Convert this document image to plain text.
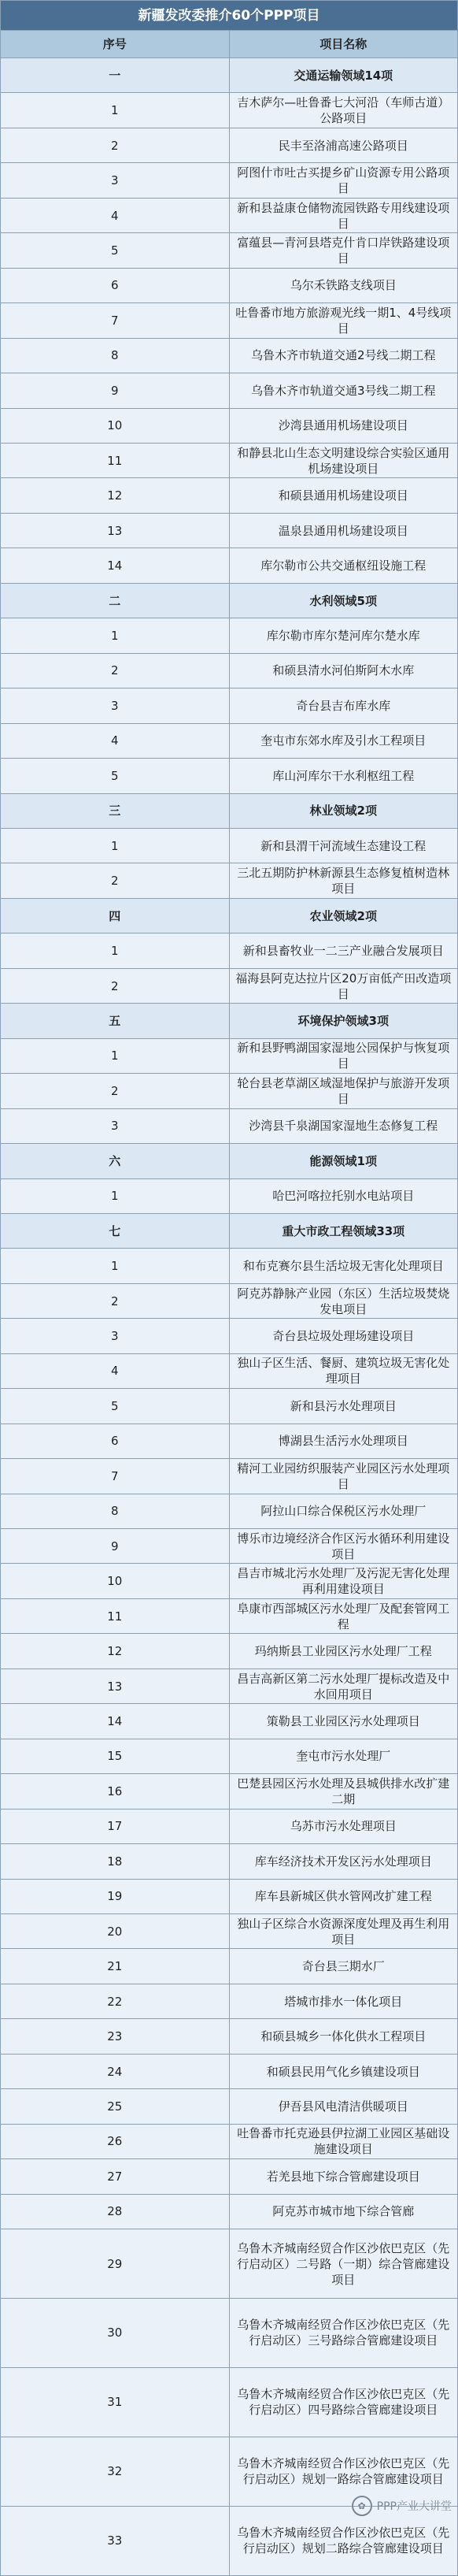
新疆发改委推介60个PPP项目	
序号	项目名称
一	交通运输领域14项
1	吉木萨尔—吐鲁番七大河沿（车师古道）公路项目
2	民丰至洛浦高速公路项目
3	阿图什市吐古买提乡矿山资源专用公路项目
4	新和县益康仓储物流园铁路专用线建设项目
5	富蕴县—青河县塔克什肯口岸铁路建设项目
6	乌尔禾铁路支线项目
7	吐鲁番市地方旅游观光线一期1、4号线项目
8	乌鲁木齐市轨道交通2号线二期工程
9	乌鲁木齐市轨道交通3号线二期工程
10	沙湾县通用机场建设项目
11	和静县北山生态文明建设综合实验区通用机场建设项目
12	和硕县通用机场建设项目
13	温泉县通用机场建设项目
14	库尔勒市公共交通枢纽设施工程
二	水利领域5项
1	库尔勒市库尔楚河库尔楚水库
2	和硕县清水河伯斯阿木水库
3	奇台县吉布库水库
4	奎屯市东郊水库及引水工程项目
5	库山河库尔干水利枢纽工程
三	林业领域2项
1	新和县渭干河流域生态建设工程
2	三北五期防护林新源县生态修复植树造林项目
四	农业领域2项
1	新和县畜牧业一二三产业融合发展项目
2	福海县阿克达拉片区20万亩低产田改造项目
五	环境保护领域3项
1	新和县野鸭湖国家湿地公园保护与恢复项目
2	轮台县老草湖区域湿地保护与旅游开发项目
3	沙湾县千泉湖国家湿地生态修复工程
六	能源领域1项
1	哈巴河喀拉托别水电站项目
七	重大市政工程领域33项
1	和布克赛尔县生活垃圾无害化处理项目
2	阿克苏静脉产业园（东区）生活垃圾焚烧发电项目
3	奇台县垃圾处理场建设项目
4	独山子区生活、餐厨、建筑垃圾无害化处理项目
5	新和县污水处理项目
6	博湖县生活污水处理项目
7	精河工业园纺织服装产业园区污水处理项目
8	阿拉山口综合保税区污水处理厂
9	博乐市边境经济合作区污水循环利用建设项目
10	昌吉市城北污水处理厂及污泥无害化处理再利用建设项目
11	阜康市西部城区污水处理厂及配套管网工程
12	玛纳斯县工业园区污水处理厂工程
13	昌吉高新区第二污水处理厂提标改造及中水回用项目
14	策勒县工业园区污水处理项目
15	奎屯市污水处理厂
16	巴楚县园区污水处理及县城供排水改扩建二期
17	乌苏市污水处理项目
18	库车经济技术开发区污水处理项目
19	库车县新城区供水管网改扩建工程
20	独山子区综合水资源深度处理及再生利用项目
21	奇台县三期水厂
22	塔城市排水一体化项目
23	和硕县城乡一体化供水工程项目
24	和硕县民用气化乡镇建设项目
25	伊吾县风电清洁供暖项目
26	吐鲁番市托克逊县伊拉湖工业园区基础设施建设项目
27	若羌县地下综合管廊建设项目
28	阿克苏市城市地下综合管廊
29	乌鲁木齐城南经贸合作区沙依巴克区（先行启动区）二号路（一期）综合管廊建设项目
30	乌鲁木齐城南经贸合作区沙依巴克区（先行启动区）三号路综合管廊建设项目
31	乌鲁木齐城南经贸合作区沙依巴克区（先行启动区）四号路综合管廊建设项目
32	乌鲁木齐城南经贸合作区沙依巴克区（先行启动区）规划一路综合管廊建设项目
33	乌鲁木齐城南经贸合作区沙依巴克区（先行启动区）规划二路综合管廊建设项目
✿ PPP产业大讲堂
